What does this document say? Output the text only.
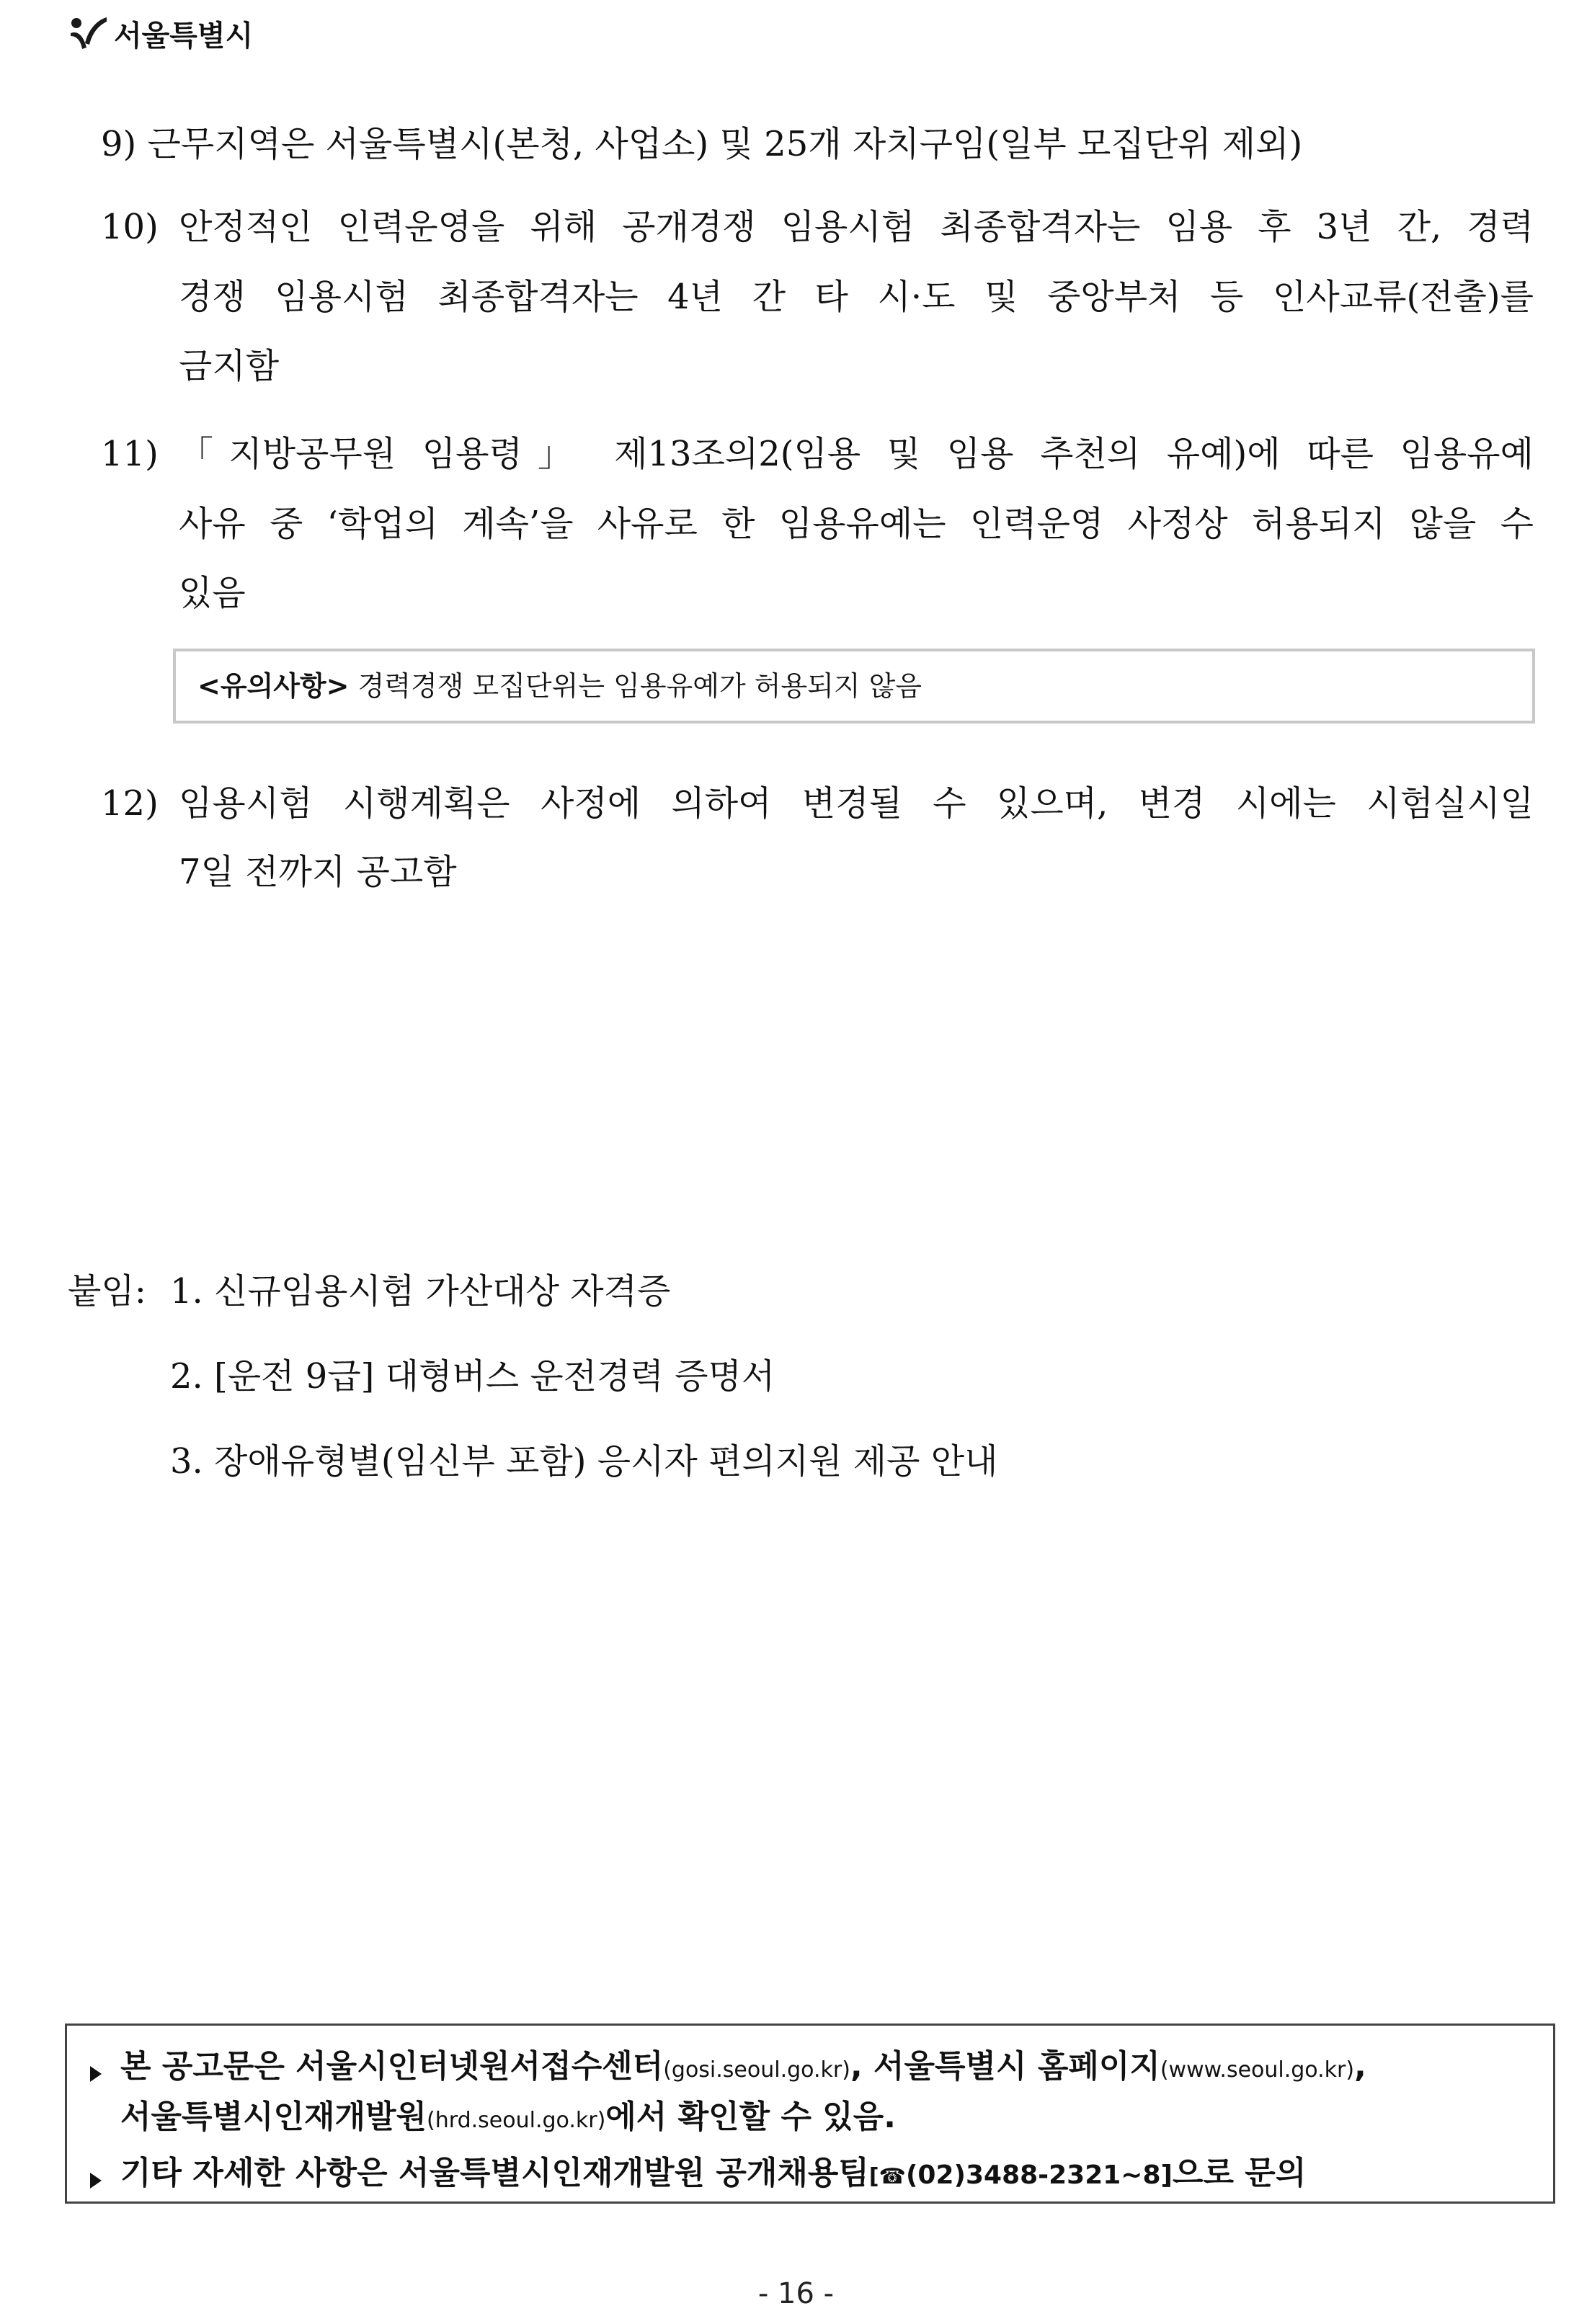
서울특별시
9) 근무지역은 서울특별시(본청, 사업소) 및 25개 자치구임(일부 모집단위 제외)
10) 안정적인 인력운영을 위해 공개경쟁 임용시험 최종합격자는 임용 후 3년 간, 경력
경쟁 임용시험 최종합격자는 4년 간 타 시·도 및 중앙부처 등 인사교류(전출)를
금지함
11) 「지방공무원 임용령」 제13조의2(임용 및 임용 추천의 유예)에 따른 임용유예
사유 중 ‘학업의 계속’을 사유로 한 임용유예는 인력운영 사정상 허용되지 않을 수
있음
<유의사항> 경력경쟁 모집단위는 임용유예가 허용되지 않음
12) 임용시험 시행계획은 사정에 의하여 변경될 수 있으며, 변경 시에는 시험실시일
7일 전까지 공고함
붙임: 1. 신규임용시험 가산대상 자격증
2. [운전 9급] 대형버스 운전경력 증명서
3. 장애유형별(임신부 포함) 응시자 편의지원 제공 안내
본 공고문은 서울시인터넷원서접수센터(gosi.seoul.go.kr), 서울특별시 홈페이지(www.seoul.go.kr),
서울특별시인재개발원(hrd.seoul.go.kr)에서 확인할 수 있음.
기타 자세한 사항은 서울특별시인재개발원 공개채용팀[☎(02)3488-2321~8]으로 문의
- 16 -
